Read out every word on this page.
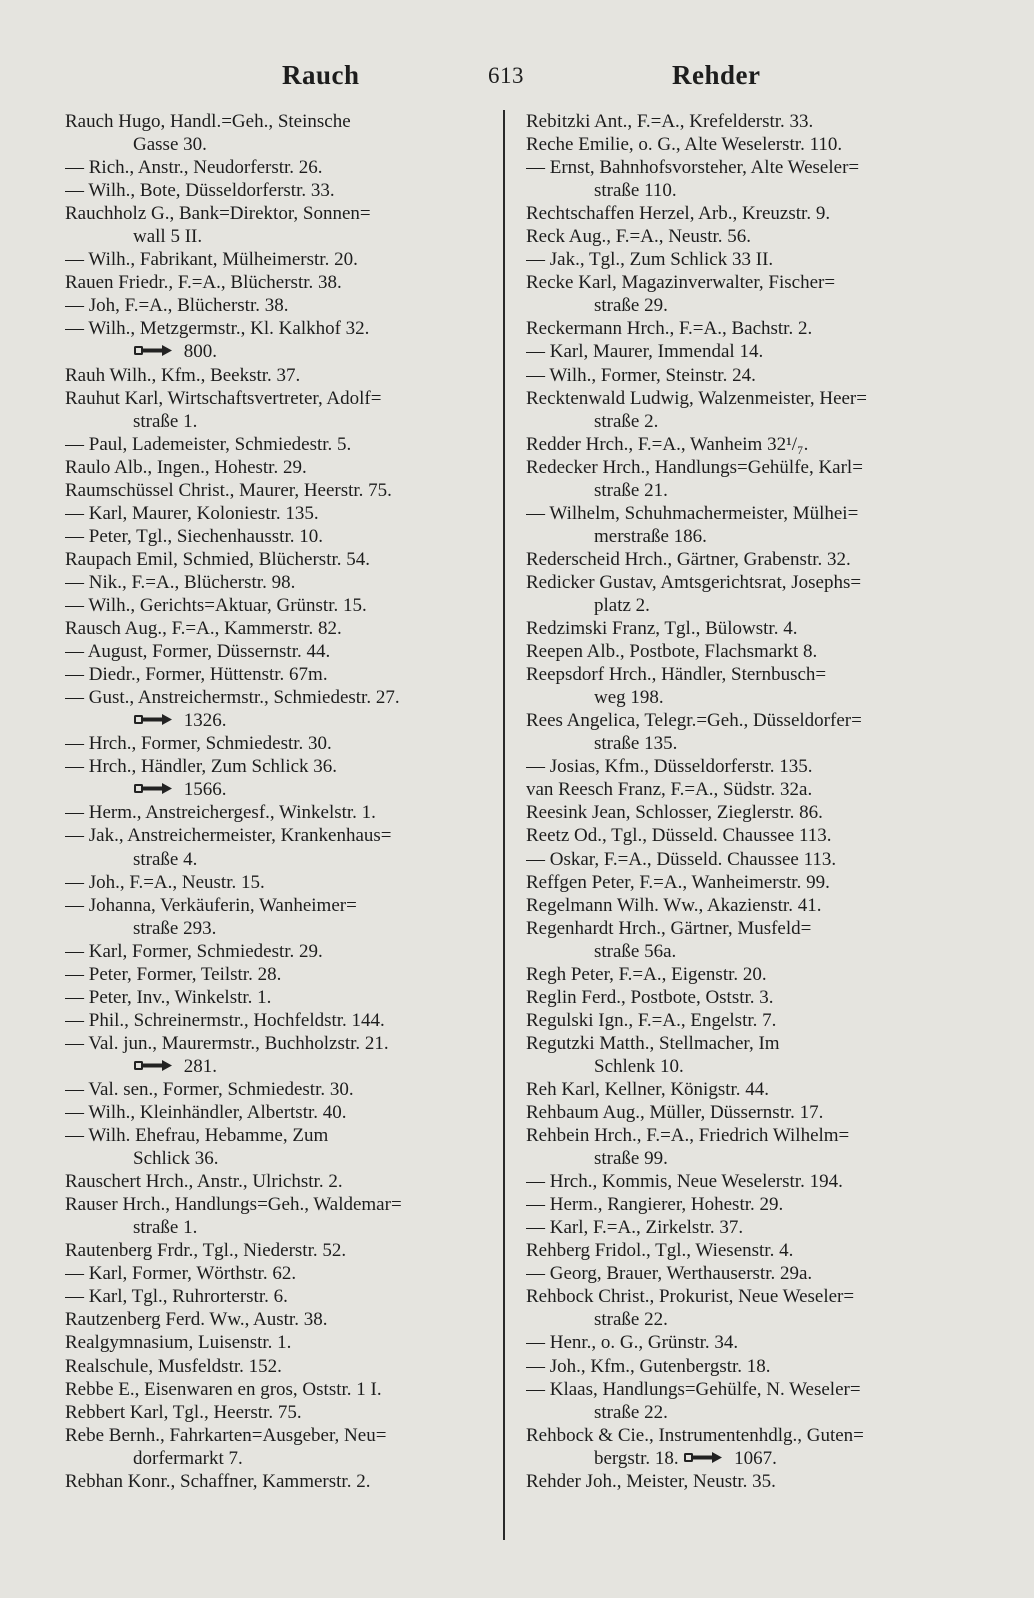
Rauch	613	Rehder
Rauch Hugo, Handl.=Geh., Steinsche
Gasse 30.
— Rich., Anstr., Neudorferstr. 26.
— Wilh., Bote, Düsseldorferstr. 33.
Rauchholz G., Bank=Direktor, Sonnen=
wall 5 II.
— Wilh., Fabrikant, Mülheimerstr. 20.
Rauen Friedr., F.=A., Blücherstr. 38.
— Joh, F.=A., Blücherstr. 38.
— Wilh., Metzgermstr., Kl. Kalkhof 32.
800.
Rauh Wilh., Kfm., Beekstr. 37.
Rauhut Karl, Wirtschaftsvertreter, Adolf=
straße 1.
— Paul, Lademeister, Schmiedestr. 5.
Raulo Alb., Ingen., Hohestr. 29.
Raumschüssel Christ., Maurer, Heerstr. 75.
— Karl, Maurer, Koloniestr. 135.
— Peter, Tgl., Siechenhausstr. 10.
Raupach Emil, Schmied, Blücherstr. 54.
— Nik., F.=A., Blücherstr. 98.
— Wilh., Gerichts=Aktuar, Grünstr. 15.
Rausch Aug., F.=A., Kammerstr. 82.
— August, Former, Düssernstr. 44.
— Diedr., Former, Hüttenstr. 67m.
— Gust., Anstreichermstr., Schmiedestr. 27.
1326.
— Hrch., Former, Schmiedestr. 30.
— Hrch., Händler, Zum Schlick 36.
1566.
— Herm., Anstreichergesf., Winkelstr. 1.
— Jak., Anstreichermeister, Krankenhaus=
straße 4.
— Joh., F.=A., Neustr. 15.
— Johanna, Verkäuferin, Wanheimer=
straße 293.
— Karl, Former, Schmiedestr. 29.
— Peter, Former, Teilstr. 28.
— Peter, Inv., Winkelstr. 1.
— Phil., Schreinermstr., Hochfeldstr. 144.
— Val. jun., Maurermstr., Buchholzstr. 21.
281.
— Val. sen., Former, Schmiedestr. 30.
— Wilh., Kleinhändler, Albertstr. 40.
— Wilh. Ehefrau, Hebamme, Zum
Schlick 36.
Rauschert Hrch., Anstr., Ulrichstr. 2.
Rauser Hrch., Handlungs=Geh., Waldemar=
straße 1.
Rautenberg Frdr., Tgl., Niederstr. 52.
— Karl, Former, Wörthstr. 62.
— Karl, Tgl., Ruhrorterstr. 6.
Rautzenberg Ferd. Ww., Austr. 38.
Realgymnasium, Luisenstr. 1.
Realschule, Musfeldstr. 152.
Rebbe E., Eisenwaren en gros, Oststr. 1 I.
Rebbert Karl, Tgl., Heerstr. 75.
Rebe Bernh., Fahrkarten=Ausgeber, Neu=
dorfermarkt 7.
Rebhan Konr., Schaffner, Kammerstr. 2.
Rebitzki Ant., F.=A., Krefelderstr. 33.
Reche Emilie, o. G., Alte Weselerstr. 110.
— Ernst, Bahnhofsvorsteher, Alte Weseler=
straße 110.
Rechtschaffen Herzel, Arb., Kreuzstr. 9.
Reck Aug., F.=A., Neustr. 56.
— Jak., Tgl., Zum Schlick 33 II.
Recke Karl, Magazinverwalter, Fischer=
straße 29.
Reckermann Hrch., F.=A., Bachstr. 2.
— Karl, Maurer, Immendal 14.
— Wilh., Former, Steinstr. 24.
Recktenwald Ludwig, Walzenmeister, Heer=
straße 2.
Redder Hrch., F.=A., Wanheim 32¹/₇.
Redecker Hrch., Handlungs=Gehülfe, Karl=
straße 21.
— Wilhelm, Schuhmachermeister, Mülhei=
merstraße 186.
Rederscheid Hrch., Gärtner, Grabenstr. 32.
Redicker Gustav, Amtsgerichtsrat, Josephs=
platz 2.
Redzimski Franz, Tgl., Bülowstr. 4.
Reepen Alb., Postbote, Flachsmarkt 8.
Reepsdorf Hrch., Händler, Sternbusch=
weg 198.
Rees Angelica, Telegr.=Geh., Düsseldorfer=
straße 135.
— Josias, Kfm., Düsseldorferstr. 135.
van Reesch Franz, F.=A., Südstr. 32a.
Reesink Jean, Schlosser, Zieglerstr. 86.
Reetz Od., Tgl., Düsseld. Chaussee 113.
— Oskar, F.=A., Düsseld. Chaussee 113.
Reffgen Peter, F.=A., Wanheimerstr. 99.
Regelmann Wilh. Ww., Akazienstr. 41.
Regenhardt Hrch., Gärtner, Musfeld=
straße 56a.
Regh Peter, F.=A., Eigenstr. 20.
Reglin Ferd., Postbote, Oststr. 3.
Regulski Ign., F.=A., Engelstr. 7.
Regutzki Matth., Stellmacher, Im
Schlenk 10.
Reh Karl, Kellner, Königstr. 44.
Rehbaum Aug., Müller, Düssernstr. 17.
Rehbein Hrch., F.=A., Friedrich Wilhelm=
straße 99.
— Hrch., Kommis, Neue Weselerstr. 194.
— Herm., Rangierer, Hohestr. 29.
— Karl, F.=A., Zirkelstr. 37.
Rehberg Fridol., Tgl., Wiesenstr. 4.
— Georg, Brauer, Werthauserstr. 29a.
Rehbock Christ., Prokurist, Neue Weseler=
straße 22.
— Henr., o. G., Grünstr. 34.
— Joh., Kfm., Gutenbergstr. 18.
— Klaas, Handlungs=Gehülfe, N. Weseler=
straße 22.
Rehbock & Cie., Instrumentenhdlg., Guten=
bergstr. 18.	1067.
Rehder Joh., Meister, Neustr. 35.
